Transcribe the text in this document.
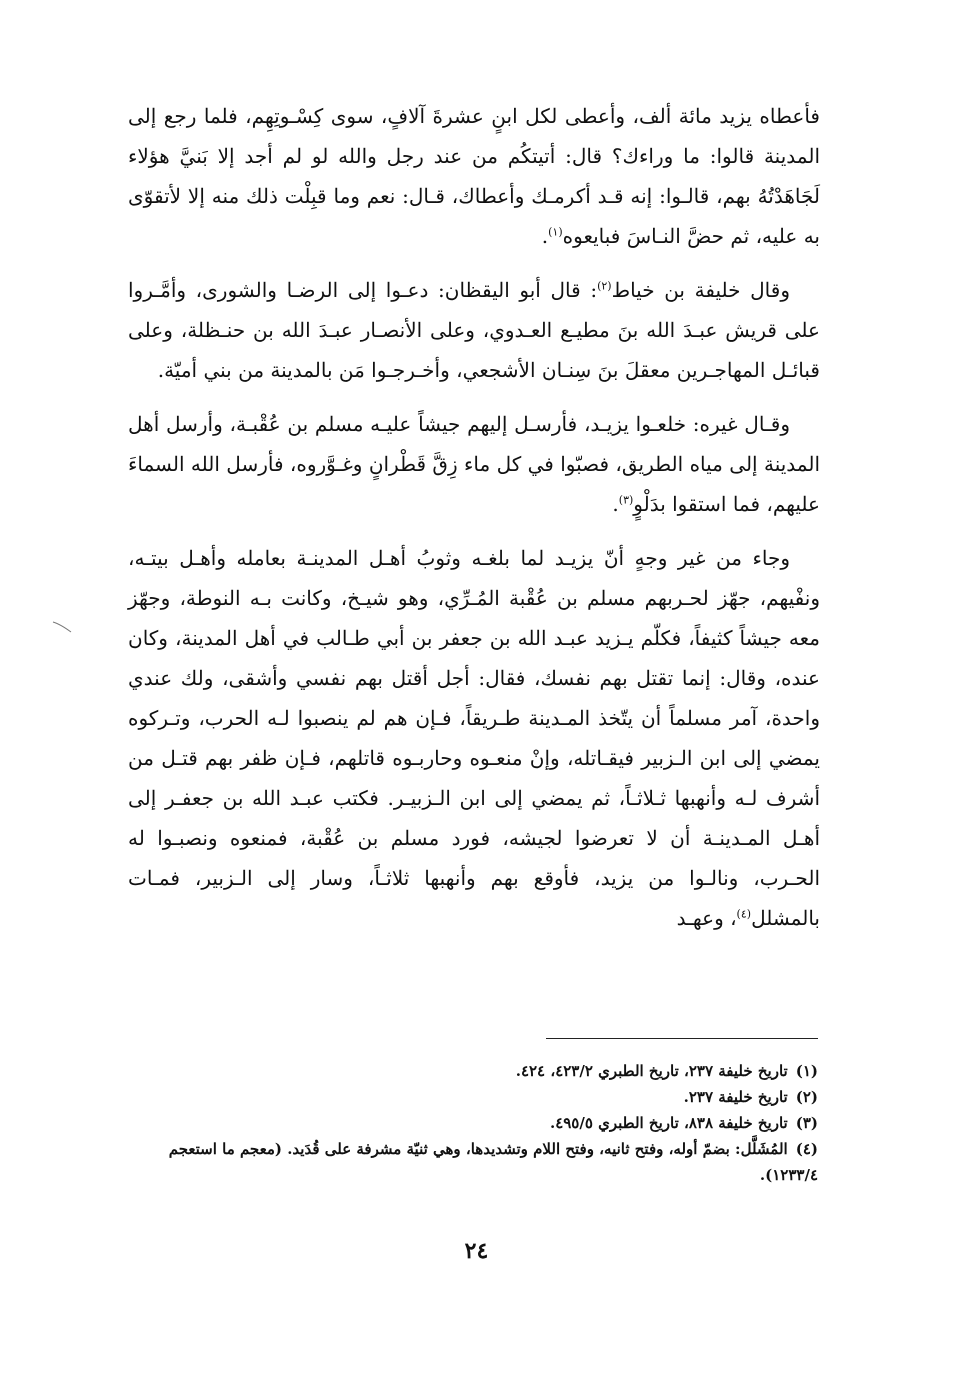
فأعطاه يزيد مائة ألف، وأعطى لكل ابنٍ عشرةَ آلافٍ، سوى كِسْـوتِهِم، فلما رجع إلى المدينة قالوا: ما وراءك؟ قال: أتيتكُم من عند رجل والله لو لم أجد إلا بَنيَّ هؤلاء لَجَاهَدْتُهُ بهم، قالـوا: إنه قـد أكرمـك وأعطاك، قـال: نعم وما قبِلْت ذلك منه إلا لأتقوّى به عليه، ثم حضَّ النـاسَ فبايعوه$^{(١)}$.

وقال خليفة بن خياط$^{(٢)}$: قال أبو اليقظان: دعـوا إلى الرضـا والشورى، وأمَّـروا على قريش عبـدَ الله بنَ مطيـع العـدوي، وعلى الأنصـار عبـدَ الله بن حنـظلة، وعلى قبائـل المهاجـرين معقلَ بنَ سِنـان الأشجعي، وأخـرجـوا مَن بالمدينة من بني أميّة.

وقـال غيره: خلعـوا يزيـد، فأرسـل إليهم جيشاً عليـه مسلم بن عُقْبـة، وأرسل أهل المدينة إلى مياه الطريق، فصبّوا في كل ماء زِقَّ قَطْرانٍ وغـوَّروه، فأرسل الله السماءَ عليهم، فما استقوا بدَلْوٍ$^{(٣)}$.

وجاء من غير وجهٍ أنّ يزيـد لما بلغـه وثوبُ أهـل المدينـة بعامله وأهـل بيتـه، ونفْيهم، جهّز لحـربهم مسلم بن عُقْبة المُـرِّي، وهو شيـخ، وكانت بـه النوطة، وجهّز معه جيشاً كثيفاً، فكلّم يـزيد عبـد الله بن جعفر بن أبي طـالب في أهل المدينة، وكان عنده، وقال: إنما تقتل بهم نفسك، فقال: أجل أقتل بهم نفسي وأشقى، ولك عندي واحدة، آمر مسلماً أن يتّخذ المـدينة طـريقاً، فـإن هم لم ينصبوا لـه الحرب، وتـركوه يمضي إلى ابن الـزبير فيقـاتله، وإنْ منعـوه وحاربـوه قاتلهم، فـإن ظفر بهم قتـل من أشرف لـه وأنهبها ثـلاثـاً، ثم يمضي إلى ابن الـزبيـر. فكتب عبـد الله بن جعفـر إلى أهـل المـدينـة أن لا تعرضوا لجيشه، فورد مسلم بن عُقْبة، فمنعوه ونصبـوا له الحـرب، ونالـوا من يزيد، فأوقع بهم وأنهبها ثلاثـاً، وسار إلى الـزبير، فمـات بالمشلل$^{(٤)}$، وعهـد

(١)تاريخ خليفة ٢٣٧، تاريخ الطبري ٤٢٣/٢، ٤٢٤.

(٢)تاريخ خليفة ٢٣٧.

(٣)تاريخ خليفة ٨٣٨، تاريخ الطبري ٤٩٥/٥.

(٤)المُشَلَّل: بضمّ أوله، وفتح ثانيه، وفتح اللام وتشديدها، وهي ثنيّة مشرفة على قُدَيد. (معجم ما استعجم ١٢٣٣/٤).

٢٤
